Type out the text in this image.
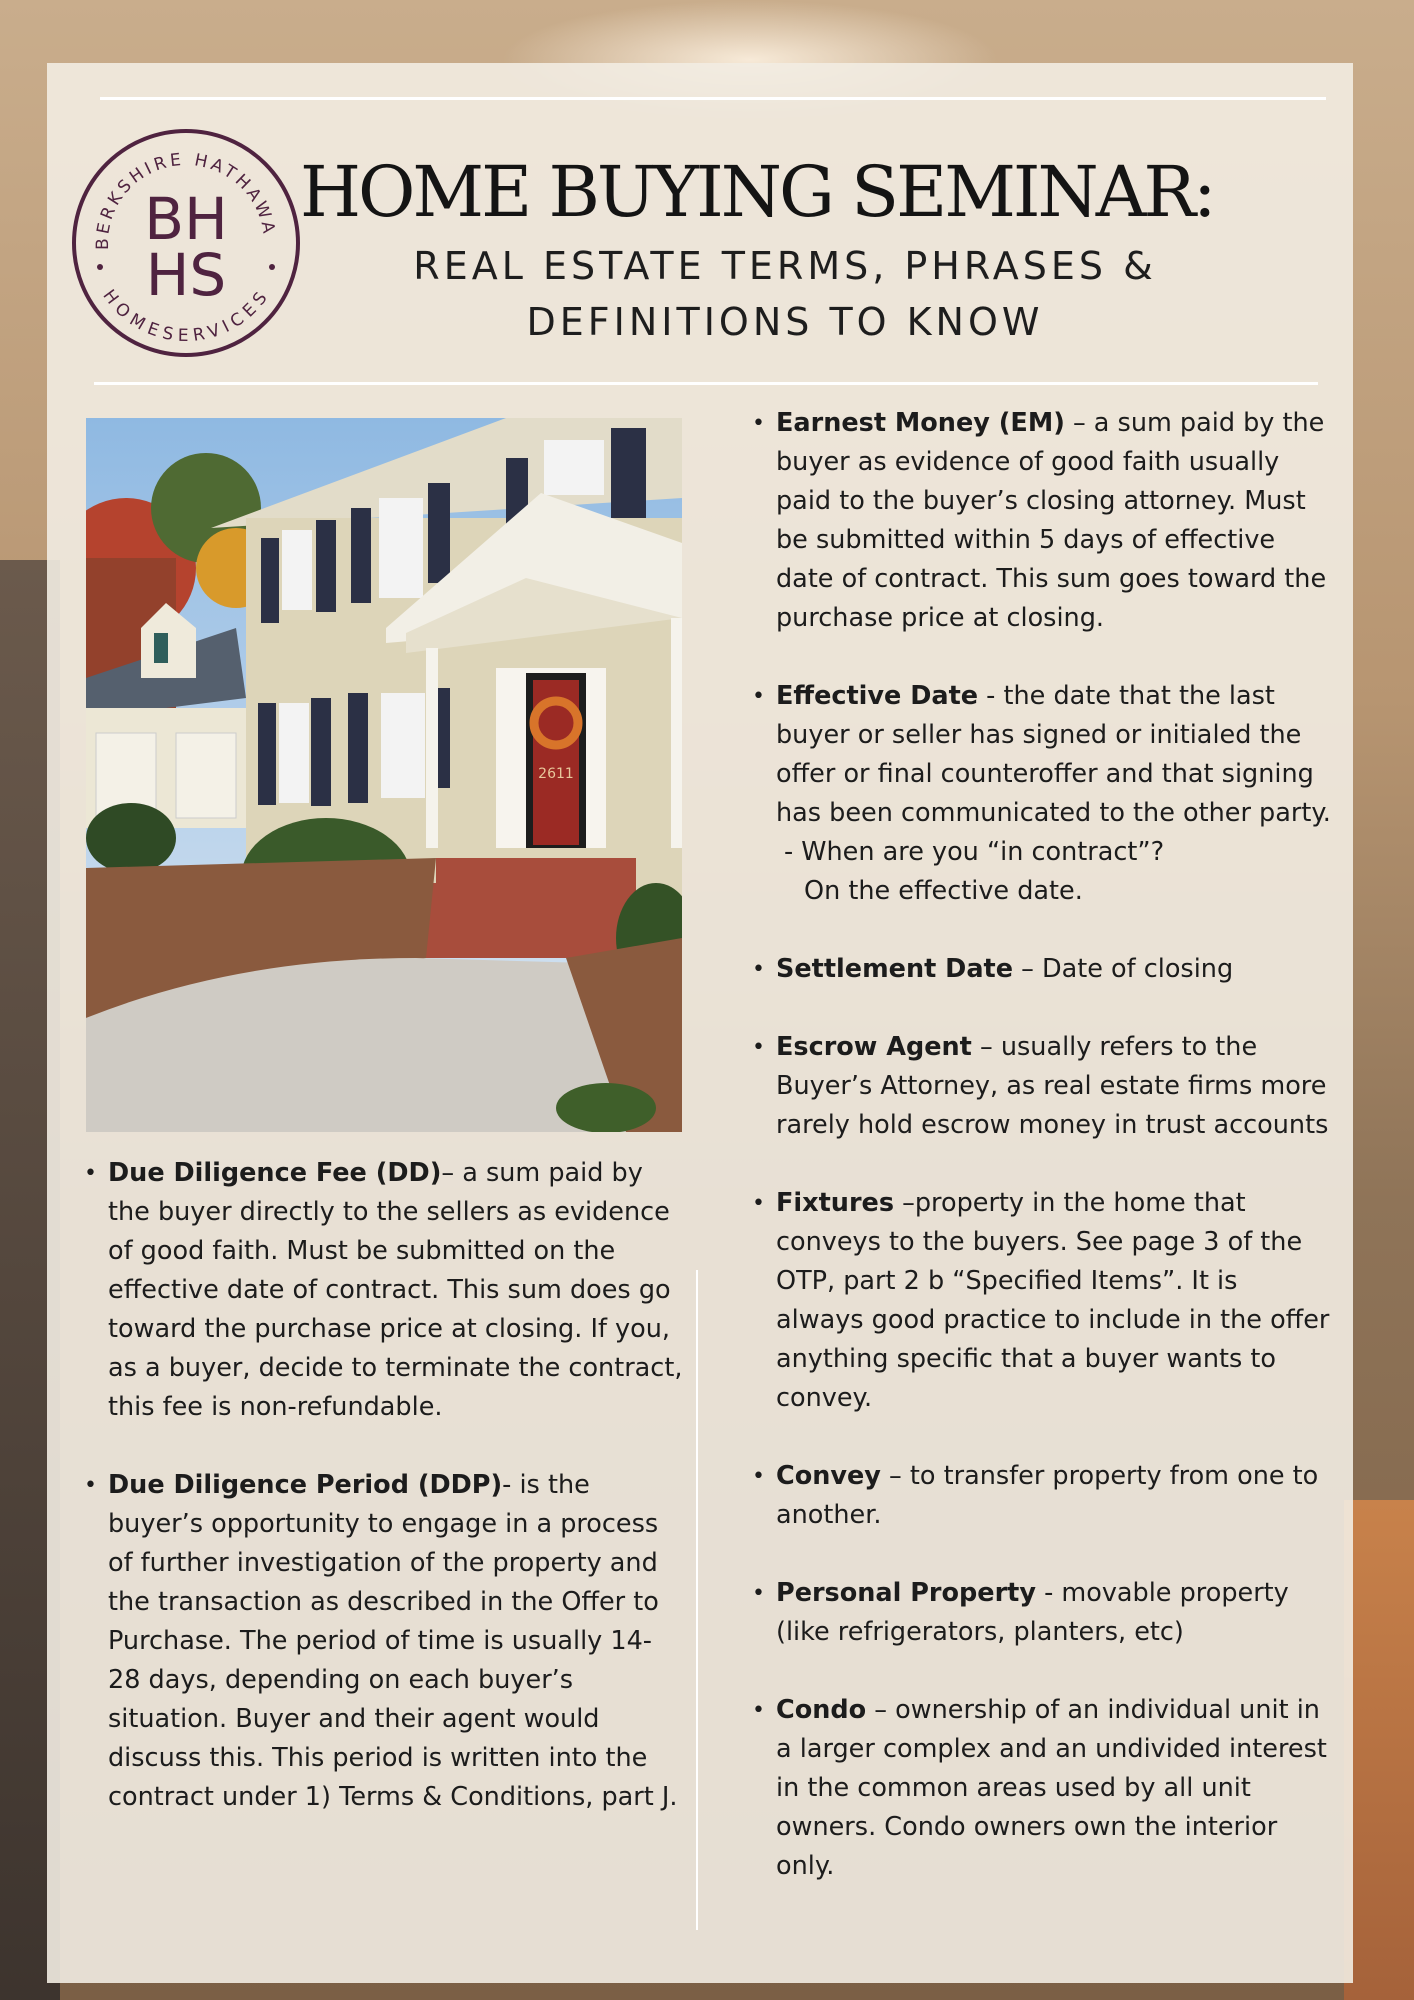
BERKSHIRE HATHAWA
HOMESERVICES
BH
HS
HOME BUYING SEMINAR:
REAL ESTATE TERMS, PHRASES &
DEFINITIONS TO KNOW
2611
• Due Diligence Fee (DD)– a sum paid by the buyer directly to the sellers as evidence of good faith. Must be submitted on the effective date of contract. This sum does go toward the purchase price at closing. If you, as a buyer, decide to terminate the contract, this fee is non-refundable.
• Due Diligence Period (DDP)- is the buyer’s opportunity to engage in a process of further investigation of the property and the transaction as described in the Offer to Purchase. The period of time is usually 14-28 days, depending on each buyer’s situation. Buyer and their agent would discuss this. This period is written into the contract under 1) Terms & Conditions, part J.
• Earnest Money (EM) – a sum paid by the buyer as evidence of good faith usually paid to the buyer’s closing attorney. Must be submitted within 5 days of effective date of contract. This sum goes toward the purchase price at closing.
• Effective Date - the date that the last buyer or seller has signed or initialed the offer or final counteroffer and that signing has been communicated to the other party.
- When are you “in contract”?
On the effective date.
• Settlement Date – Date of closing
• Escrow Agent – usually refers to the Buyer’s Attorney, as real estate firms more rarely hold escrow money in trust accounts
• Fixtures –property in the home that conveys to the buyers. See page 3 of the OTP, part 2 b “Specified Items”. It is always good practice to include in the offer anything specific that a buyer wants to convey.
• Convey – to transfer property from one to another.
• Personal Property - movable property (like refrigerators, planters, etc)
• Condo – ownership of an individual unit in a larger complex and an undivided interest in the common areas used by all unit owners. Condo owners own the interior only.
